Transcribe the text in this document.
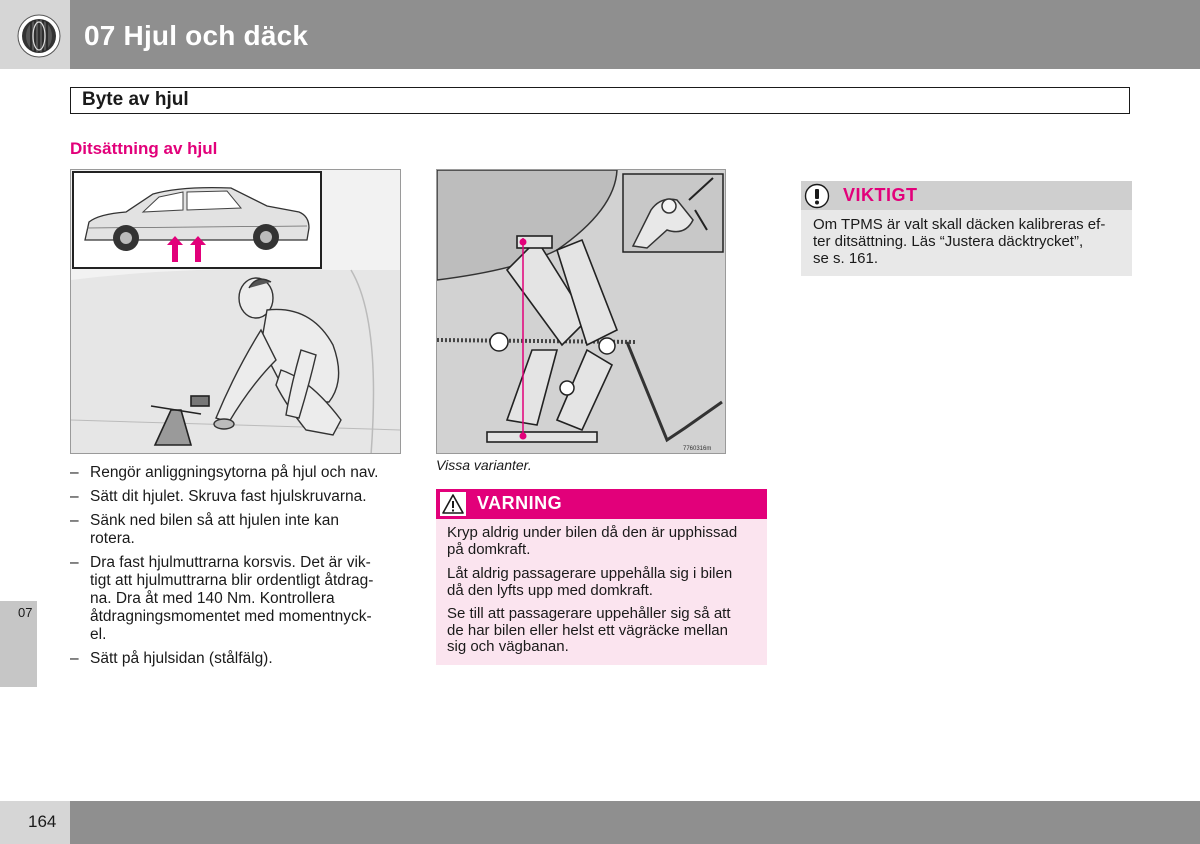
07 Hjul och däck
Byte av hjul
Ditsättning av hjul
– Rengör anliggningsytorna på hjul och nav.
– Sätt dit hjulet. Skruva fast hjulskruvarna.
– Sänk ned bilen så att hjulen inte kan
rotera.
– Dra fast hjulmuttrarna korsvis. Det är vik-
tigt att hjulmuttrarna blir ordentligt åtdrag-
na. Dra åt med 140 Nm. Kontrollera
åtdragningsmomentet med momentnyck-
el.
– Sätt på hjulsidan (stålfälg).
7760316m
Vissa varianter.
VARNING

Kryp aldrig under bilen då den är upphissad
på domkraft.

Låt aldrig passagerare uppehålla sig i bilen
då den lyfts upp med domkraft.

Se till att passagerare uppehåller sig så att
de har bilen eller helst ett vägräcke mellan
sig och vägbanan.

VIKTIGT

Om TPMS är valt skall däcken kalibreras ef-
ter ditsättning. Läs “Justera däcktrycket”,
se s. 161.

07
164
